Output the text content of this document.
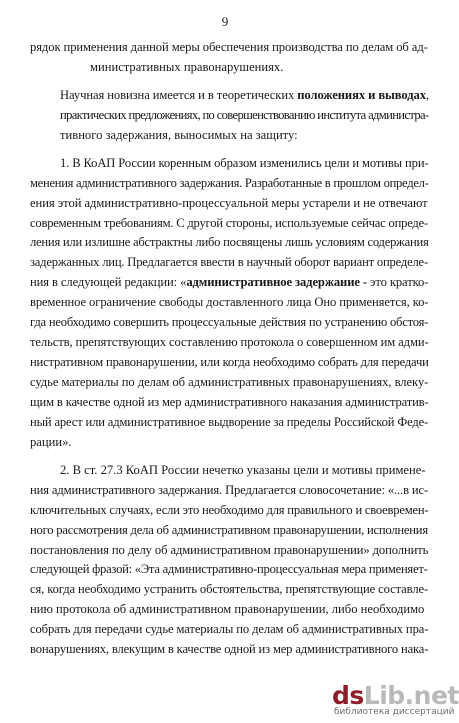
9
рядок применения данной меры обеспечения производства по делам об ад-
министративных правонарушениях.
Научная новизна имеется и в теоретических положениях и выводах,
практических предложениях, по совершенствованию института администра-
тивного задержания, выносимых на защиту:
1. В КоАП России коренным образом изменились цели и мотивы при-
менения административного задержания. Разработанные в прошлом определ-
ения этой административно-процессуальной меры устарели и не отвечают
современным требованиям. С другой стороны, используемые сейчас опреде-
ления или излишне абстрактны либо посвящены лишь условиям содержания
задержанных лиц. Предлагается ввести в научный оборот вариант определе-
ния в следующей редакции: «административное задержание - это кратко-
временное ограничение свободы доставленного лица Оно применяется, ко-
гда необходимо совершить процессуальные действия по устранению обстоя-
тельств, препятствующих составлению протокола о совершенном им адми-
нистративном правонарушении, или когда необходимо собрать для передачи
судье материалы по делам об административных правонарушениях, влеку-
щим в качестве одной из мер административного наказания административ-
ный арест или административное выдворение за пределы Российской Феде-
рации».
2. В ст. 27.3 КоАП России нечетко указаны цели и мотивы примене-
ния административного задержания. Предлагается словосочетание: «...в ис-
ключительных случаях, если это необходимо для правильного и своевремен-
ного рассмотрения дела об административном правонарушении, исполнения
постановления по делу об административном правонарушении» дополнить
следующей фразой: «Эта административно-процессуальная мера применяет-
ся, когда необходимо устранить обстоятельства, препятствующие составле-
нию протокола об административном правонарушении, либо необходимо
собрать для передачи судье материалы по делам об административных пра-
вонарушениях, влекущим в качестве одной из мер административного нака-
dsLib.net
библиотека диссертаций
